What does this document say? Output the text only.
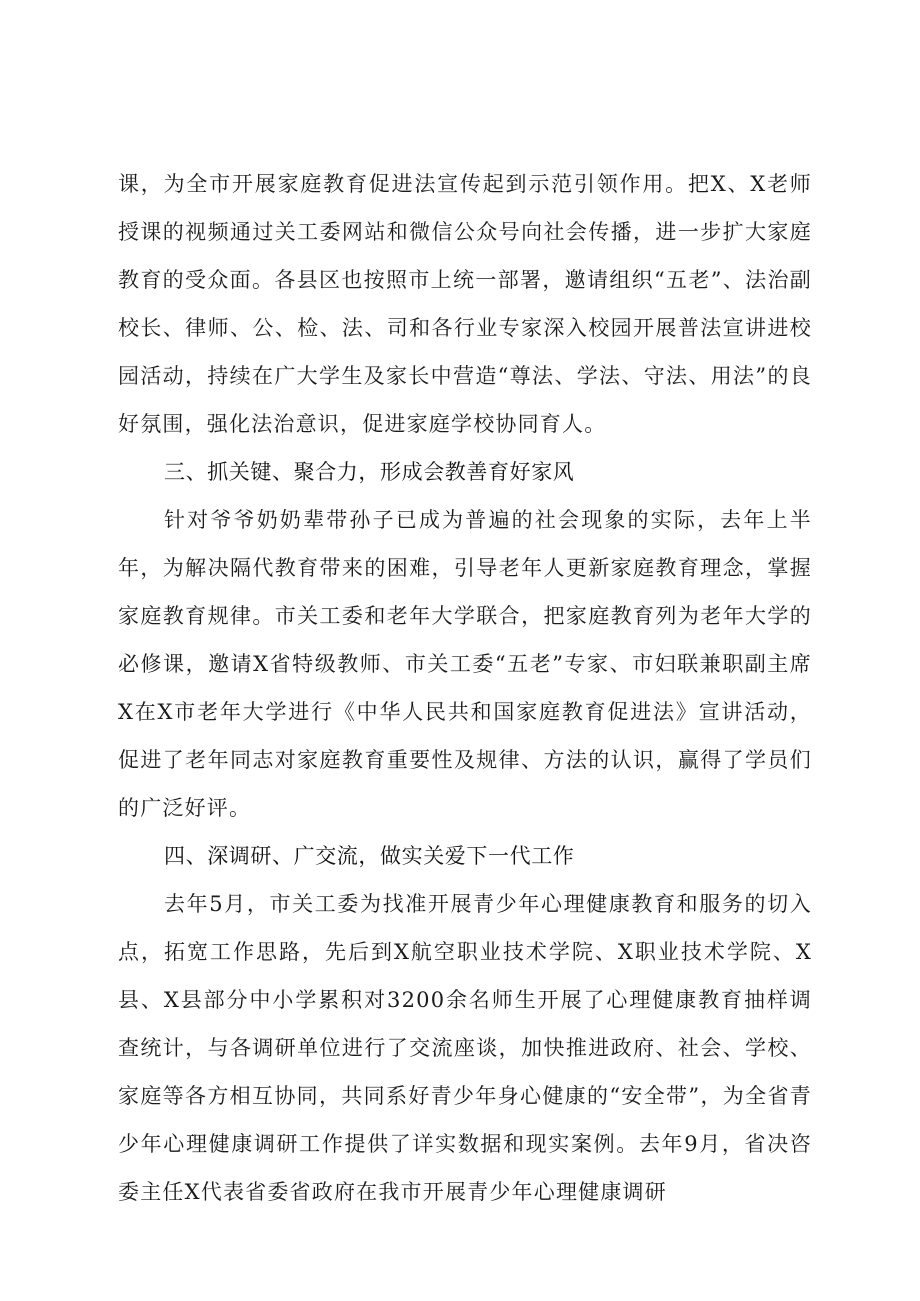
课，为全市开展家庭教育促进法宣传起到示范引领作用。把X、X老师授课的视频通过关工委网站和微信公众号向社会传播，进一步扩大家庭教育的受众面。各县区也按照市上统一部署，邀请组织“五老”、法治副校长、律师、公、检、法、司和各行业专家深入校园开展普法宣讲进校园活动，持续在广大学生及家长中营造“尊法、学法、守法、用法”的良好氛围，强化法治意识，促进家庭学校协同育人。

三、抓关键、聚合力，形成会教善育好家风

针对爷爷奶奶辈带孙子已成为普遍的社会现象的实际，去年上半年，为解决隔代教育带来的困难，引导老年人更新家庭教育理念，掌握家庭教育规律。市关工委和老年大学联合，把家庭教育列为老年大学的必修课，邀请X省特级教师、市关工委“五老”专家、市妇联兼职副主席X在X市老年大学进行《中华人民共和国家庭教育促进法》宣讲活动，促进了老年同志对家庭教育重要性及规律、方法的认识，赢得了学员们的广泛好评。

四、深调研、广交流，做实关爱下一代工作

去年5月，市关工委为找准开展青少年心理健康教育和服务的切入点，拓宽工作思路，先后到X航空职业技术学院、X职业技术学院、X县、X县部分中小学累积对3200余名师生开展了心理健康教育抽样调查统计，与各调研单位进行了交流座谈，加快推进政府、社会、学校、家庭等各方相互协同，共同系好青少年身心健康的“安全带”，为全省青少年心理健康调研工作提供了详实数据和现实案例。去年9月，省决咨委主任X代表省委省政府在我市开展青少年心理健康调研
